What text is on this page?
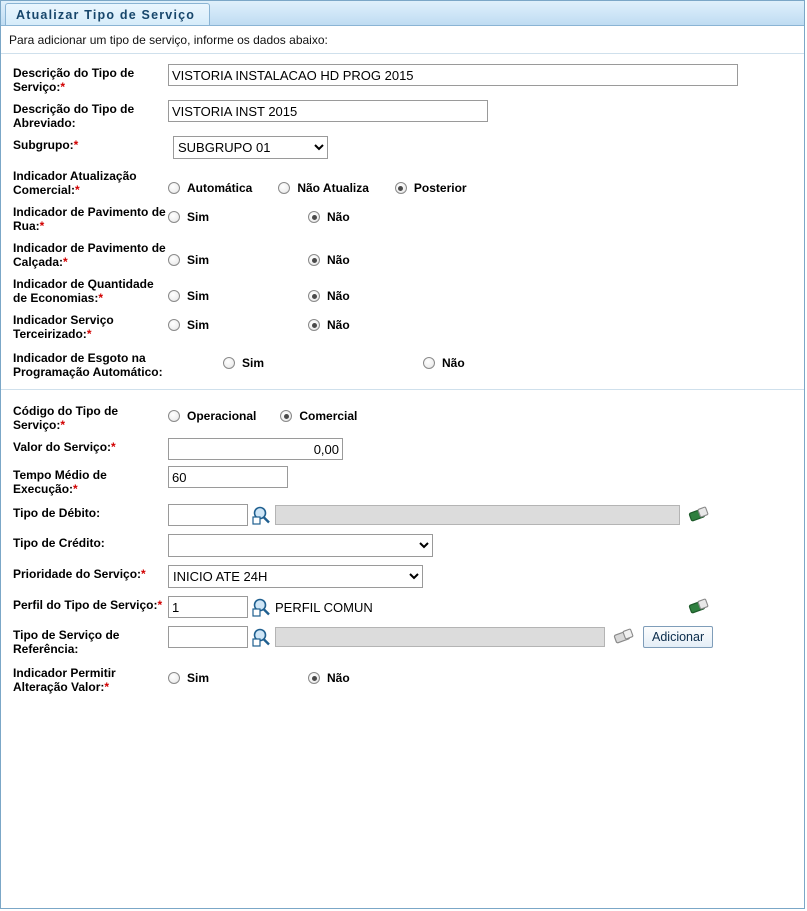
Atualizar Tipo de Serviço
Para adicionar um tipo de serviço, informe os dados abaixo:
Descrição do Tipo de Serviço:*
VISTORIA INSTALACAO HD PROG 2015
Descrição do Tipo de Abreviado:
VISTORIA INST 2015
Subgrupo:*
SUBGRUPO 01
Indicador Atualização Comercial:*	Automática	Não Atualiza	Posterior
Indicador de Pavimento de Rua:*
Sim	Não
Indicador de Pavimento de Calçada:*	Sim	Não
Indicador de Quantidade de Economias:*	Sim	Não
Indicador Serviço Terceirizado:*
Sim	Não
Indicador de Esgoto na Programação Automático:
Sim	Não
Código do Tipo de Serviço:*
Operacional	Comercial
Valor do Serviço:*
0,00
Tempo Médio de Execução:*
60
Tipo de Débito:
Tipo de Crédito:
Prioridade do Serviço:*
INICIO ATE 24H
Perfil do Tipo de Serviço:*
1	PERFIL COMUN
Tipo de Serviço de Referência:
Adicionar
Indicador Permitir Alteração Valor:*
Sim	Não
